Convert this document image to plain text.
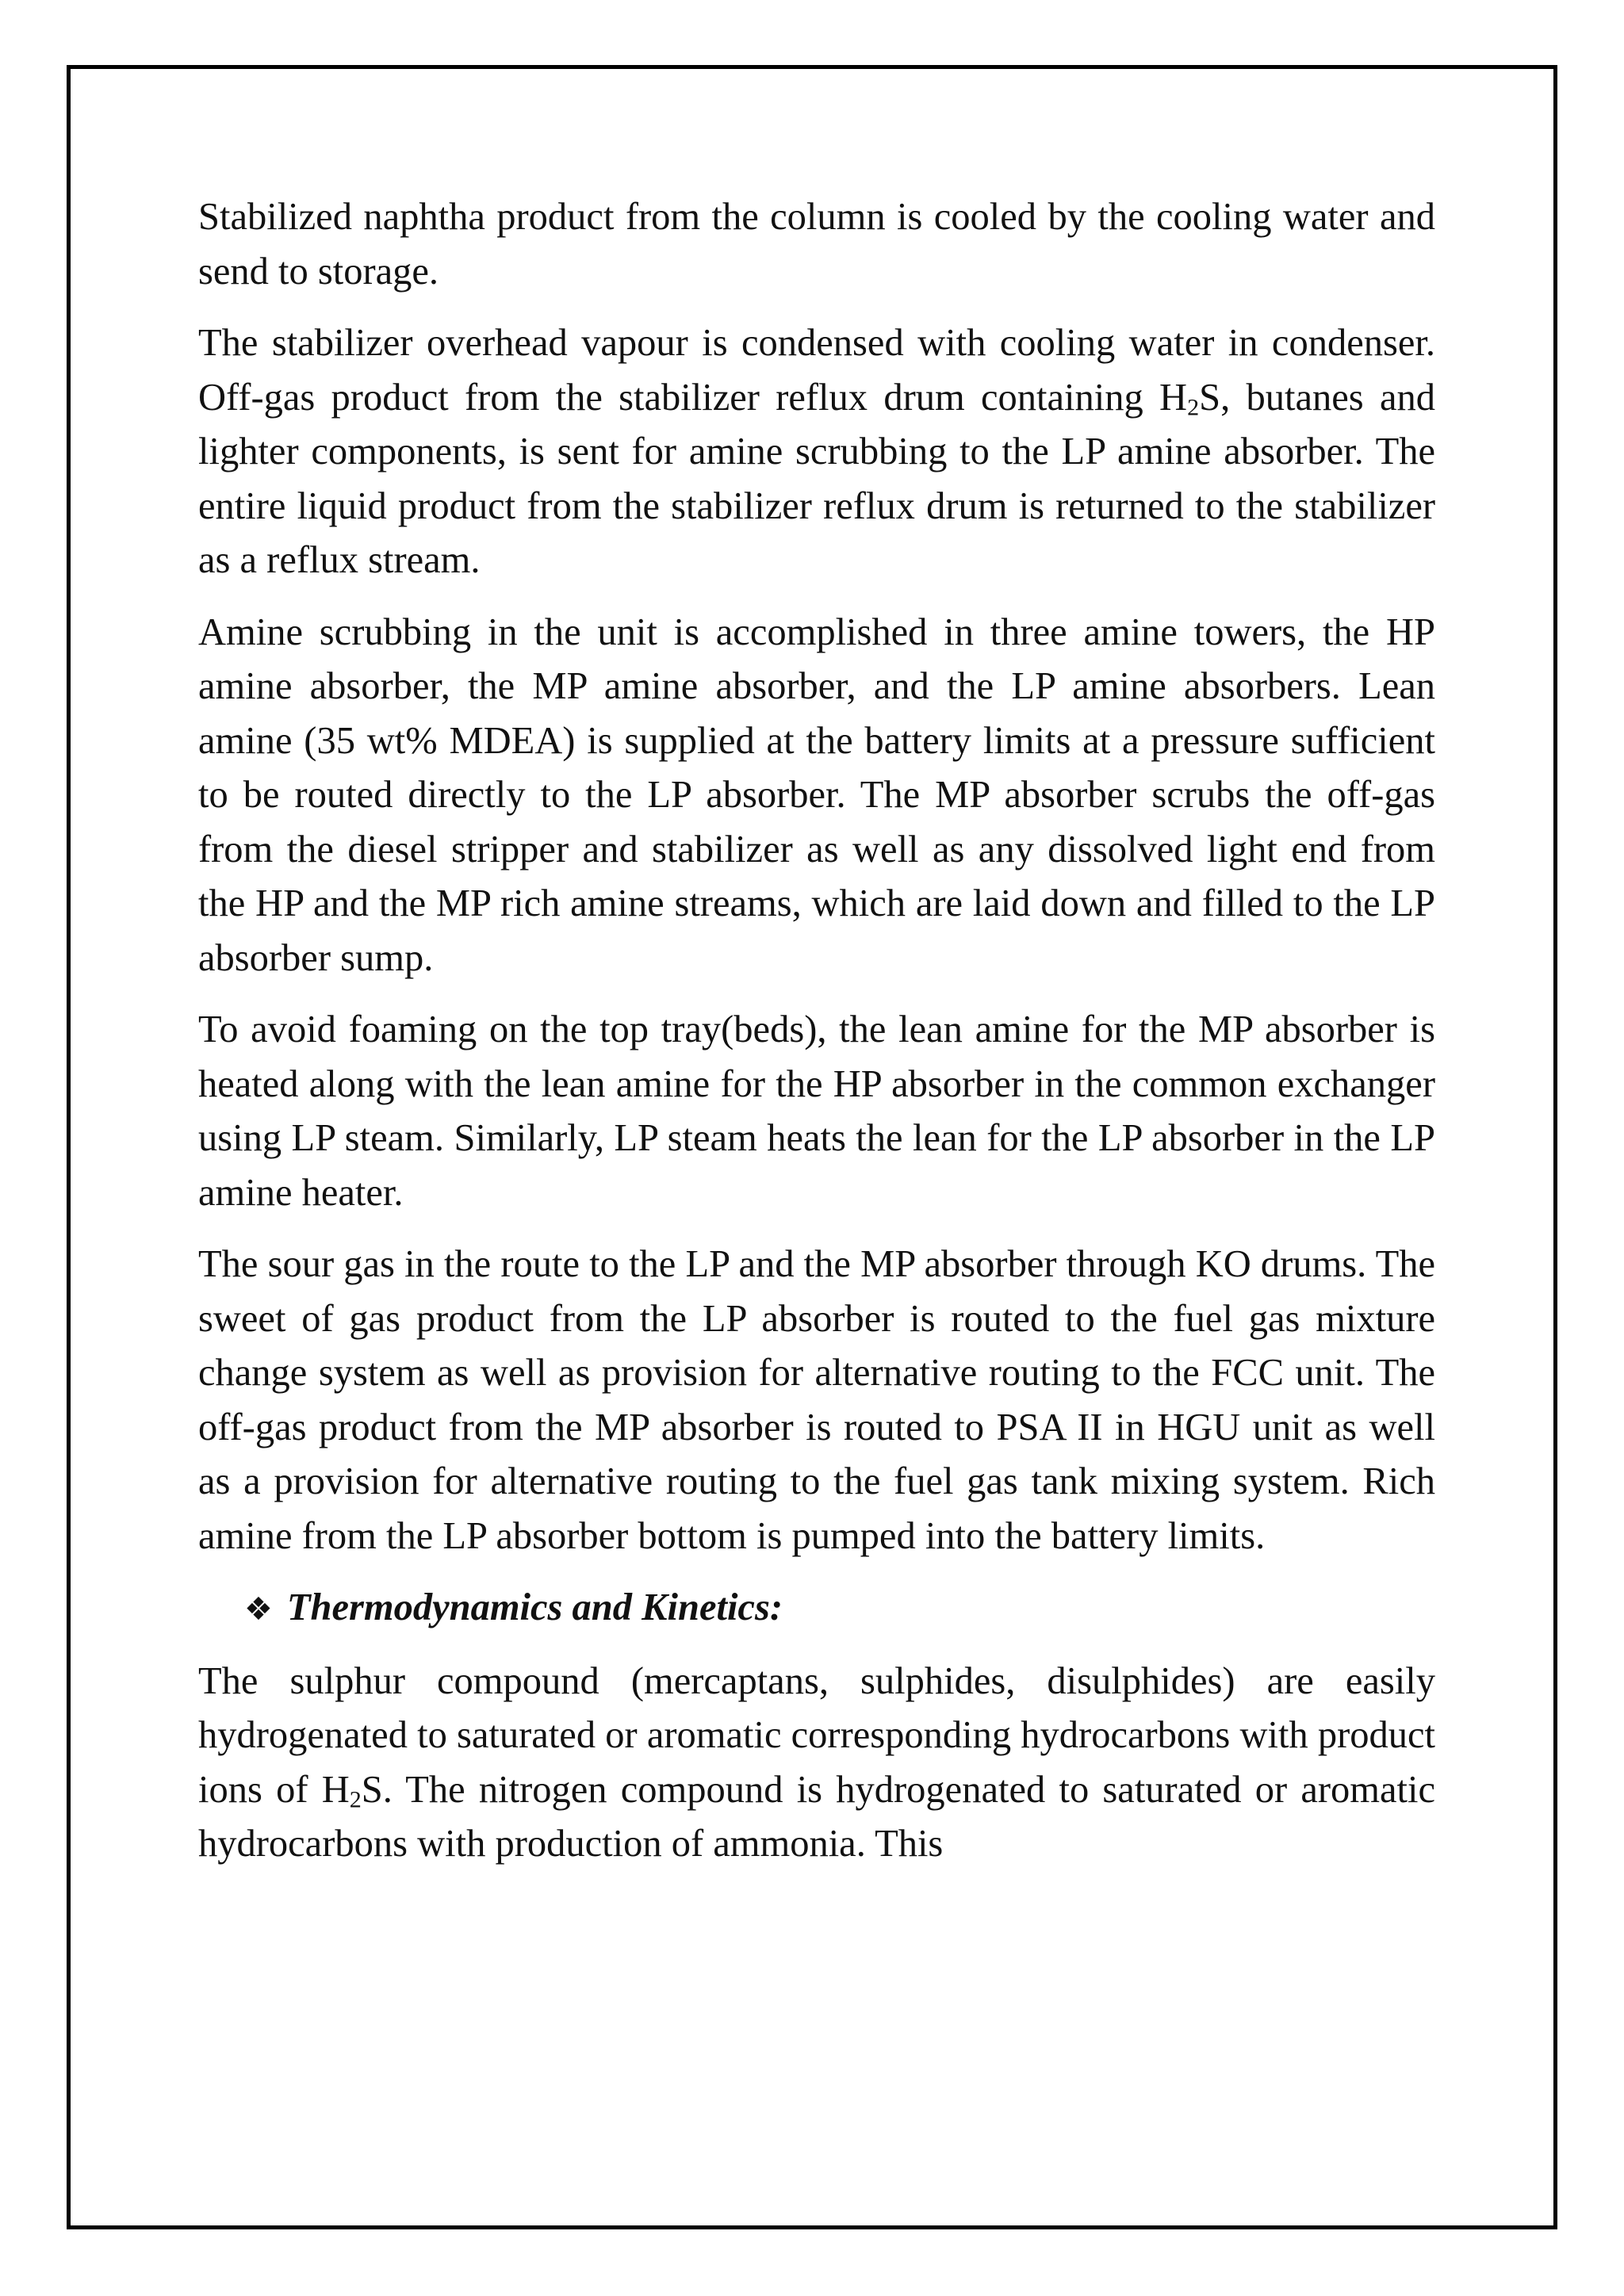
Stabilized naphtha product from the column is cooled by the cooling water and send to storage.

The stabilizer overhead vapour is condensed with cooling water in condenser. Off-gas product from the stabilizer reflux drum containing $H_2S$, butanes and lighter components, is sent for amine scrubbing to the LP amine absorber. The entire liquid product from the stabilizer reflux drum is returned to the stabilizer as a reflux stream.

Amine scrubbing in the unit is accomplished in three amine towers, the HP amine absorber, the MP amine absorber, and the LP amine absorbers. Lean amine (35 wt% MDEA) is supplied at the battery limits at a pressure sufficient to be routed directly to the LP absorber. The MP absorber scrubs the off-gas from the diesel stripper and stabilizer as well as any dissolved light end from the HP and the MP rich amine streams, which are laid down and filled to the LP absorber sump.

To avoid foaming on the top tray(beds), the lean amine for the MP absorber is heated along with the lean amine for the HP absorber in the common exchanger using LP steam. Similarly, LP steam heats the lean for the LP absorber in the LP amine heater.

The sour gas in the route to the LP and the MP absorber through KO drums. The sweet of gas product from the LP absorber is routed to the fuel gas mixture change system as well as provision for alternative routing to the FCC unit. The off-gas product from the MP absorber is routed to PSA II in HGU unit as well as a provision for alternative routing to the fuel gas tank mixing system. Rich amine from the LP absorber bottom is pumped into the battery limits.

❖ Thermodynamics and Kinetics:

The sulphur compound (mercaptans, sulphides, disulphides) are easily hydrogenated to saturated or aromatic corresponding hydrocarbons with product ions of $H_2S$. The nitrogen compound is hydrogenated to saturated or aromatic hydrocarbons with production of ammonia. This
